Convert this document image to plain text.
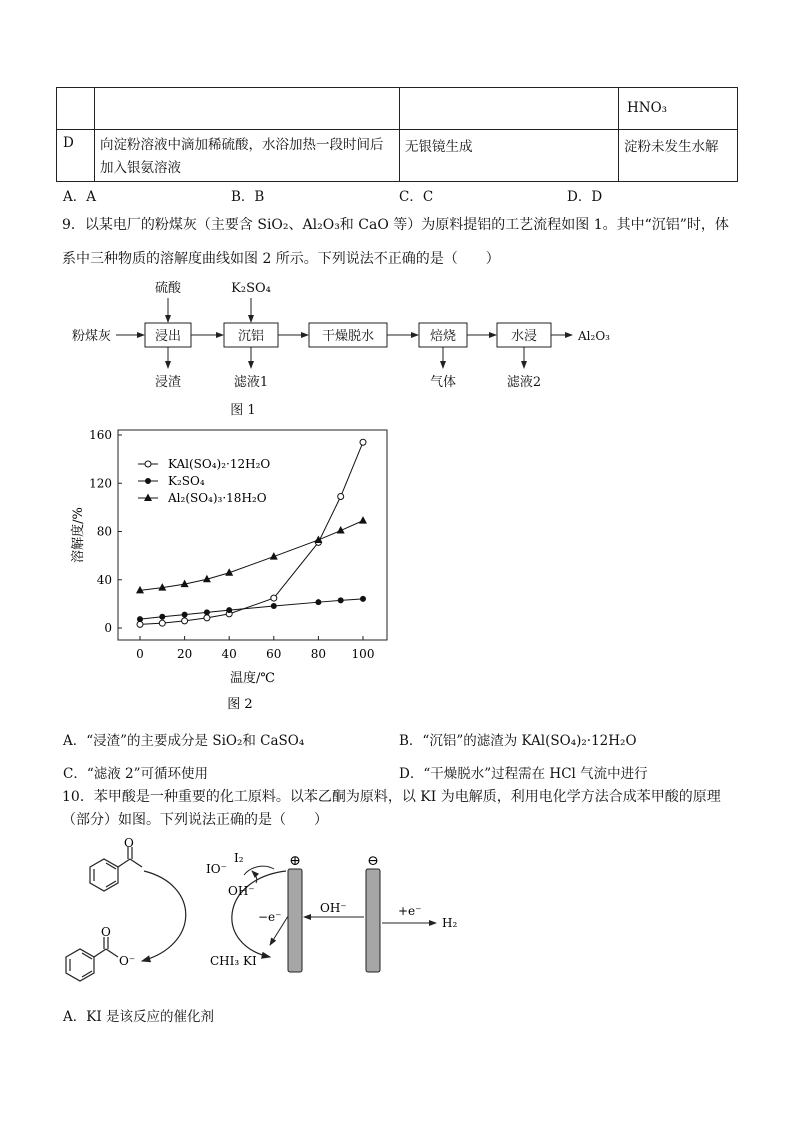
			HNO₃

D	向淀粉溶液中滴加稀硫酸，水浴加热一段时间后
加入银氨溶液	无银镜生成	淀粉未发生水解
A．A	B．B	C．C	D．D
9．以某电厂的粉煤灰（主要含 SiO₂、Al₂O₃和 CaO 等）为原料提铝的工艺流程如图 1。其中“沉铝”时，体
系中三种物质的溶解度曲线如图 2 所示。下列说法不正确的是（　　）
粉煤灰	浸出	沉铝	干燥脱水	焙烧	水浸
硫酸	K₂SO₄
浸渣	滤液1	气体	滤液2
Al₂O₃
图 1
0
40
80
120
160
0	20 40 60 80 100
温度/℃
溶解度/%
KAl(SO₄)₂·12H₂O
K₂SO₄
Al₂(SO₄)₃·18H₂O
图 2
A．“浸渣”的主要成分是 SiO₂和 CaSO₄	B．“沉铝”的滤渣为 KAl(SO₄)₂·12H₂O
C．“滤液 2”可循环使用	D．“干燥脱水”过程需在 HCl 气流中进行
10．苯甲酸是一种重要的化工原料。以苯乙酮为原料，以 KI 为电解质，利用电化学方法合成苯甲酸的原理
（部分）如图。下列说法正确的是（　　）
O
O
O⁻
IO⁻
I₂
OH⁻
−e⁻
CHI₃ KI
⊕	⊖
OH⁻	+e⁻
H₂
A．KI 是该反应的催化剂
